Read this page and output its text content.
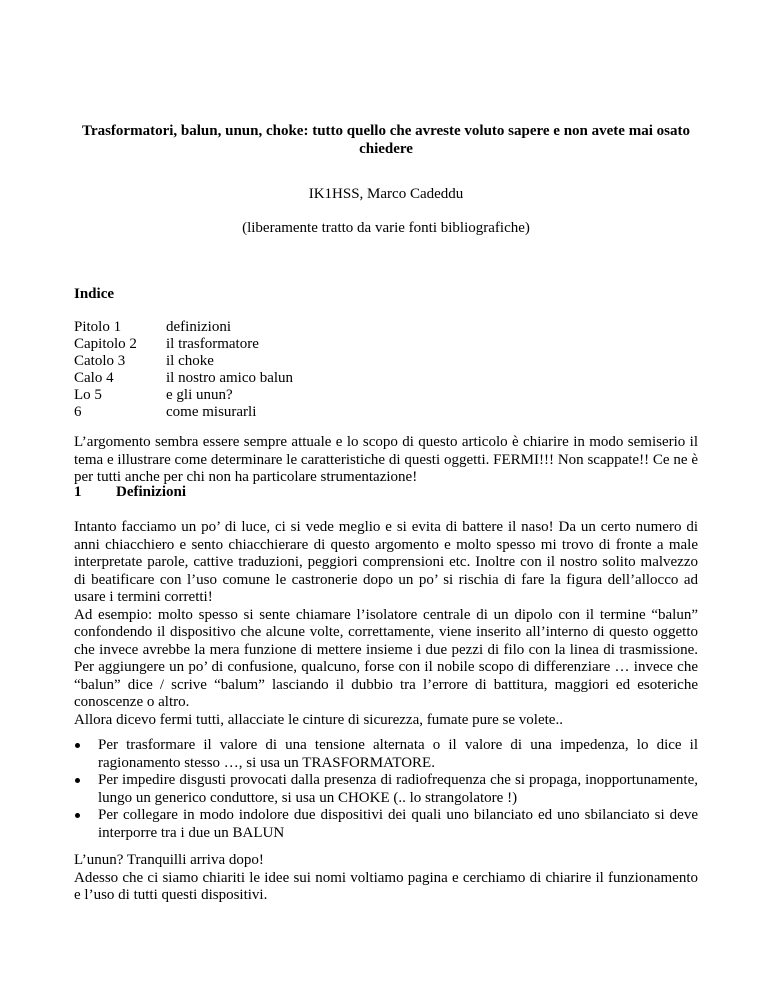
Trasformatori, balun, unun, choke: tutto quello che avreste voluto sapere e non avete mai osato chiedere
IK1HSS, Marco Cadeddu
(liberamente tratto da varie fonti bibliografiche)
Indice
Pitolo 1	definizioni
Capitolo 2	il trasformatore
Catolo 3	il choke
Calo 4	il nostro amico balun
Lo 5	e gli unun?
6	come misurarli

L’argomento sembra essere sempre attuale e lo scopo di questo articolo è chiarire in modo semiserio il tema e illustrare come determinare le caratteristiche di questi oggetti. FERMI!!! Non scappate!! Ce ne è per tutti anche per chi non ha particolare strumentazione!

1	Definizioni

Intanto facciamo un po’ di luce, ci si vede meglio e si evita di battere il naso! Da un certo numero di anni chiacchiero e sento chiacchierare di questo argomento e molto spesso mi trovo di fronte a male interpretate parole, cattive traduzioni, peggiori comprensioni etc. Inoltre con il nostro solito malvezzo di beatificare con l’uso comune le castronerie dopo un po’ si rischia di fare la figura dell’allocco ad usare i termini corretti!

Ad esempio: molto spesso si sente chiamare l’isolatore centrale di un dipolo con il termine “balun” confondendo il dispositivo che alcune volte, correttamente, viene inserito all’interno di questo oggetto che invece avrebbe la mera funzione di mettere insieme i due pezzi di filo con la linea di trasmissione. Per aggiungere un po’ di confusione, qualcuno, forse con il nobile scopo di differenziare … invece che “balun” dice / scrive “balum” lasciando il dubbio tra l’errore di battitura, maggiori ed esoteriche conoscenze o altro.

Allora dicevo fermi tutti, allacciate le cinture di sicurezza, fumate pure se volete..

Per trasformare il valore di una tensione alternata o il valore di una impedenza, lo dice il ragionamento stesso …, si usa un TRASFORMATORE.
Per impedire disgusti provocati dalla presenza di radiofrequenza che si propaga, inopportunamente, lungo un generico conduttore, si usa un CHOKE (.. lo strangolatore !)
Per collegare in modo indolore due dispositivi dei quali uno bilanciato ed uno sbilanciato si deve interporre tra i due un BALUN

L’unun? Tranquilli arriva dopo!

Adesso che ci siamo chiariti le idee sui nomi voltiamo pagina e cerchiamo di chiarire il funzionamento e l’uso di tutti questi dispositivi.
